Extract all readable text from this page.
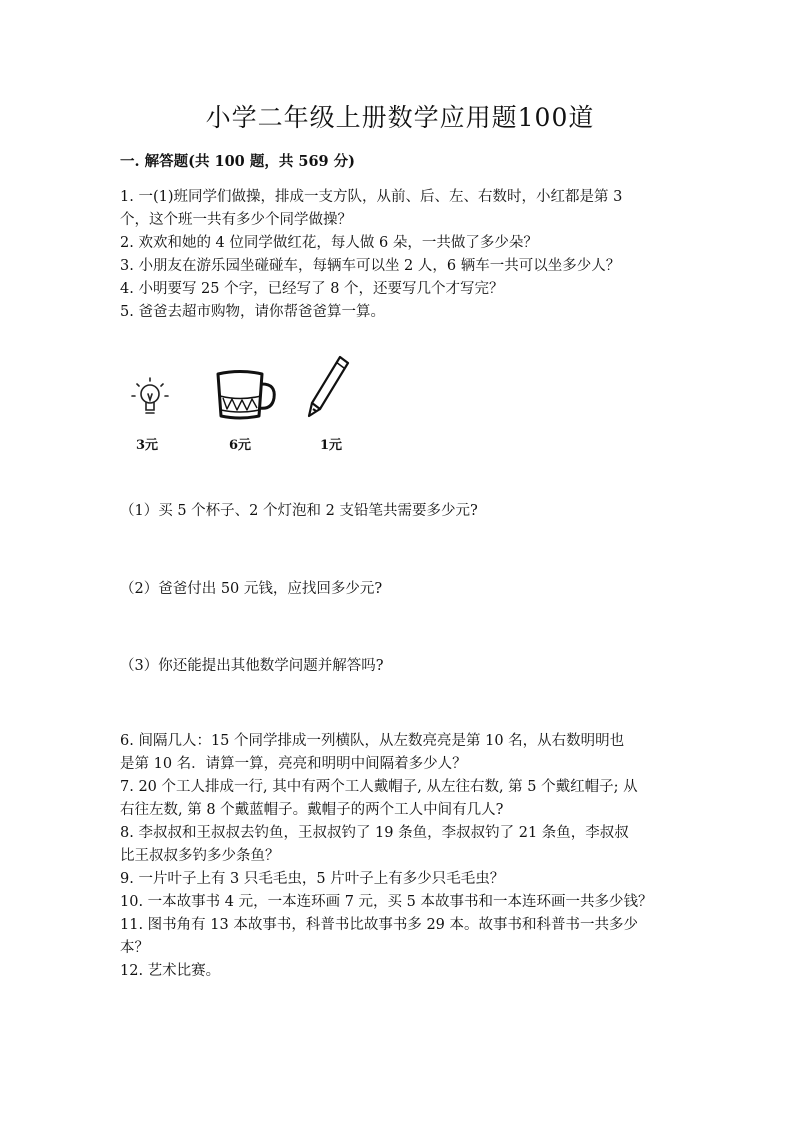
小学二年级上册数学应用题100道
一. 解答题(共 100 题，共 569 分)

1. 一(1)班同学们做操，排成一支方队，从前、后、左、右数时，小红都是第 3

个，这个班一共有多少个同学做操？

2. 欢欢和她的 4 位同学做红花，每人做 6 朵，一共做了多少朵？

3. 小朋友在游乐园坐碰碰车，每辆车可以坐 2 人，6 辆车一共可以坐多少人？

4. 小明要写 25 个字，已经写了 8 个，还要写几个才写完？

5. 爸爸去超市购物，请你帮爸爸算一算。

3元	6元	1元
（1）买 5 个杯子、2 个灯泡和 2 支铅笔共需要多少元?
（2）爸爸付出 50 元钱，应找回多少元?
（3）你还能提出其他数学问题并解答吗?

6. 间隔几人：15 个同学排成一列横队，从左数亮亮是第 10 名，从右数明明也

是第 10 名．请算一算，亮亮和明明中间隔着多少人？

7. 20 个工人排成一行, 其中有两个工人戴帽子, 从左往右数, 第 5 个戴红帽子; 从

右往左数, 第 8 个戴蓝帽子。戴帽子的两个工人中间有几人?

8. 李叔叔和王叔叔去钓鱼，王叔叔钓了 19 条鱼，李叔叔钓了 21 条鱼，李叔叔

比王叔叔多钓多少条鱼？

9. 一片叶子上有 3 只毛毛虫，5 片叶子上有多少只毛毛虫？

10. 一本故事书 4 元，一本连环画 7 元，买 5 本故事书和一本连环画一共多少钱？

11. 图书角有 13 本故事书，科普书比故事书多 29 本。故事书和科普书一共多少

本？

12. 艺术比赛。
